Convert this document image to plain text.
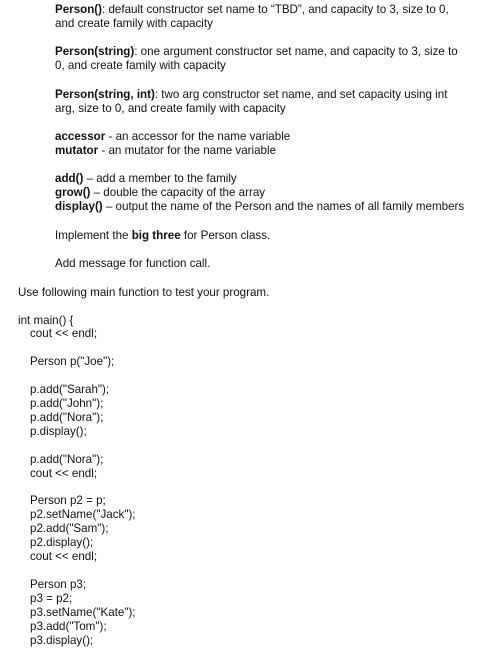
Person(): default constructor set name to “TBD”, and capacity to 3, size to 0,
and create family with capacity
Person(string): one argument constructor set name, and capacity to 3, size to
0, and create family with capacity
Person(string, int): two arg constructor set name, and set capacity using int
arg, size to 0, and create family with capacity
accessor - an accessor for the name variable
mutator - an mutator for the name variable
add() – add a member to the family
grow() – double the capacity of the array
display() – output the name of the Person and the names of all family members
Implement the big three for Person class.
Add message for function call.
Use following main function to test your program.
int main() {
cout << endl;
Person p("Joe");
p.add("Sarah");
p.add("John");
p.add("Nora");
p.display();
p.add("Nora");
cout << endl;
Person p2 = p;
p2.setName("Jack");
p2.add("Sam");
p2.display();
cout << endl;
Person p3;
p3 = p2;
p3.setName("Kate");
p3.add("Tom");
p3.display();
